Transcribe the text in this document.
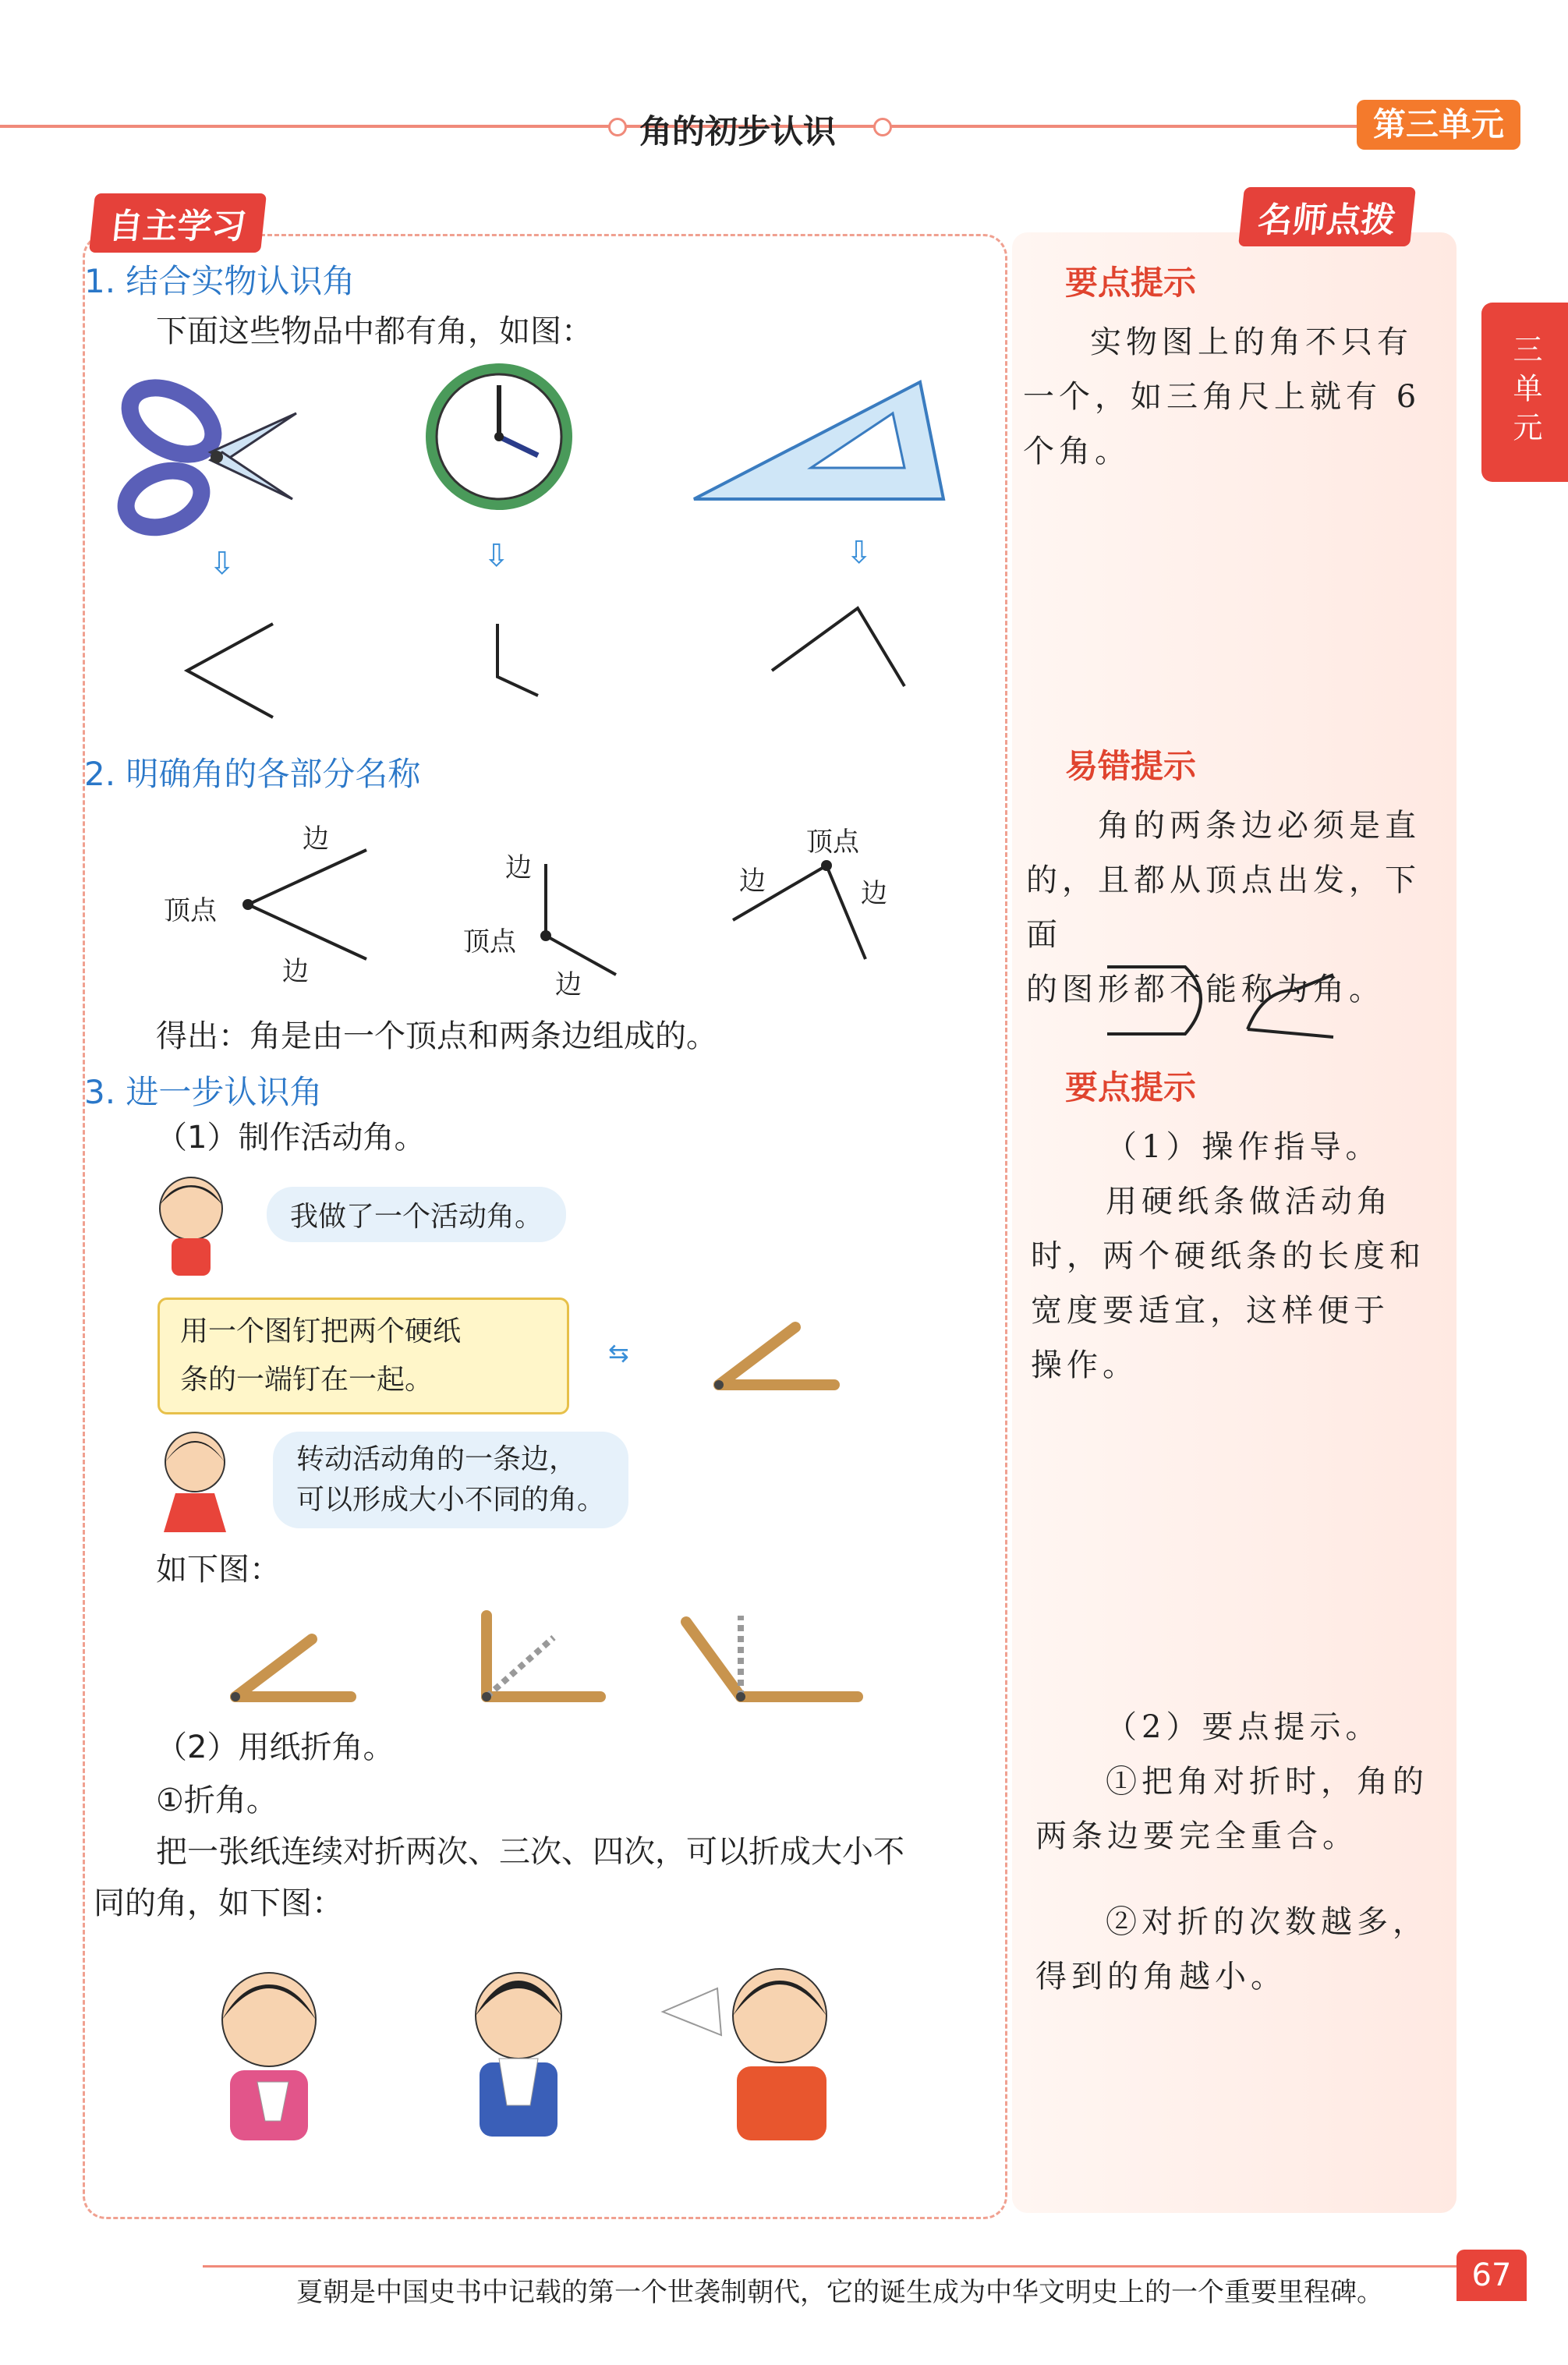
角的初步认识	第三单元
三单元
自主学习	名师点拨
1. 结合实物认识角
下面这些物品中都有角，如图：
⇩	⇩	⇩
2. 明确角的各部分名称
边
顶点
边
边
顶点
边
顶点
边	边
得出：角是由一个顶点和两条边组成的。
3. 进一步认识角
（1）制作活动角。
我做了一个活动角。
用一个图钉把两个硬纸
条的一端钉在一起。
⇆
转动活动角的一条边，
可以形成大小不同的角。
如下图：
（2）用纸折角。
①折角。
把一张纸连续对折两次、三次、四次，可以折成大小不
同的角，如下图：
要点提示
实物图上的角不只有
一个，如三角尺上就有 6
个角。
易错提示
角的两条边必须是直
的，且都从顶点出发，下面
的图形都不能称为角。
要点提示
（1）操作指导。
用硬纸条做活动角
时，两个硬纸条的长度和
宽度要适宜，这样便于
操作。
（2）要点提示。
①把角对折时，角的
两条边要完全重合。
②对折的次数越多，
得到的角越小。
夏朝是中国史书中记载的第一个世袭制朝代，它的诞生成为中华文明史上的一个重要里程碑。	67
